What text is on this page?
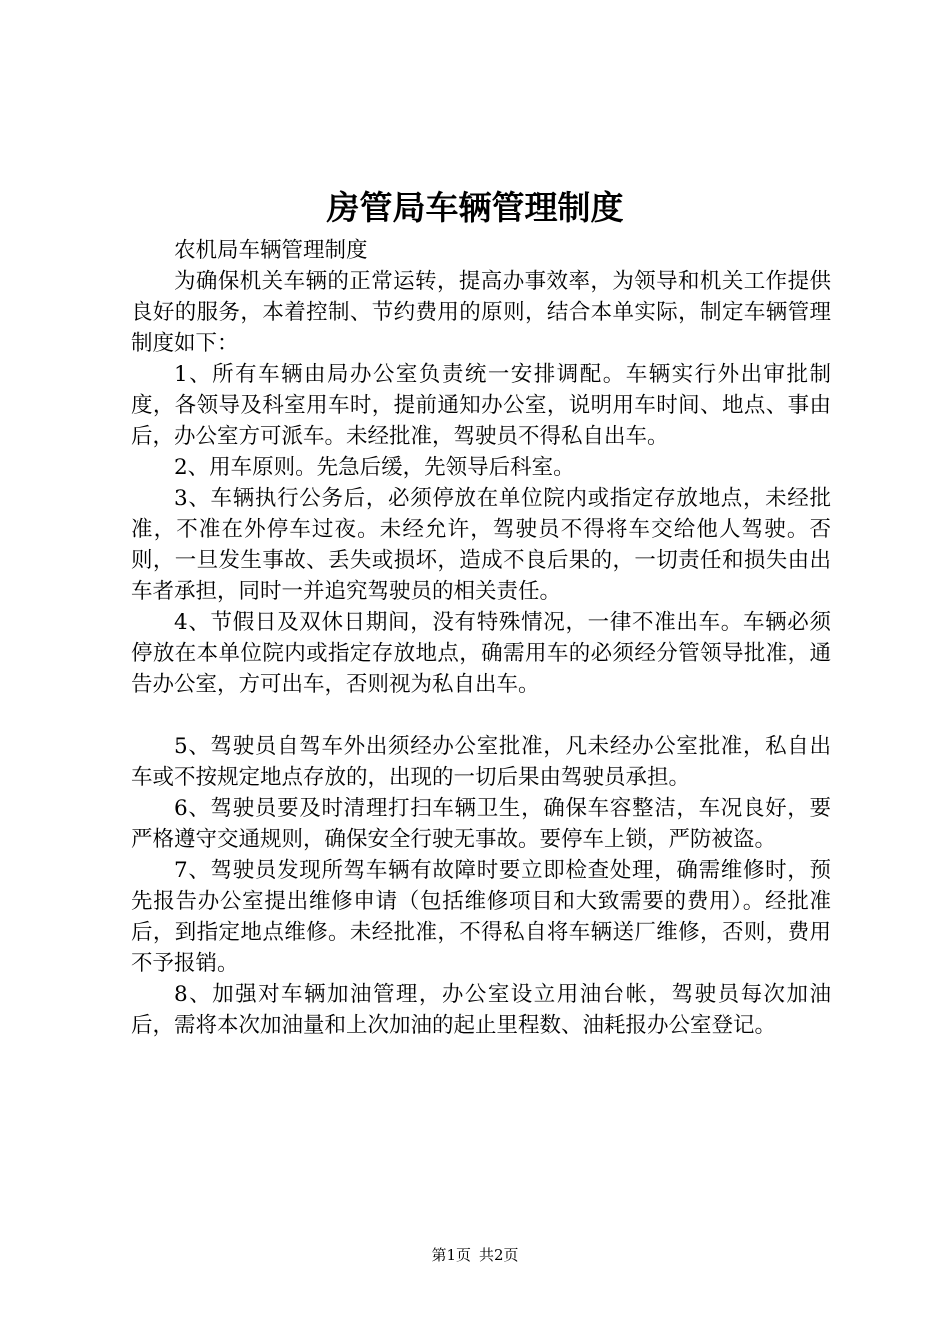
房管局车辆管理制度

农机局车辆管理制度

为确保机关车辆的正常运转，提高办事效率，为领导和机关工作提供良好的服务，本着控制、节约费用的原则，结合本单实际，制定车辆管理制度如下：

1、所有车辆由局办公室负责统一安排调配。车辆实行外出审批制度，各领导及科室用车时，提前通知办公室，说明用车时间、地点、事由后，办公室方可派车。未经批准，驾驶员不得私自出车。

2、用车原则。先急后缓，先领导后科室。

3、车辆执行公务后，必须停放在单位院内或指定存放地点，未经批准，不准在外停车过夜。未经允许，驾驶员不得将车交给他人驾驶。否则，一旦发生事故、丢失或损坏，造成不良后果的，一切责任和损失由出车者承担，同时一并追究驾驶员的相关责任。

4、节假日及双休日期间，没有特殊情况，一律不准出车。车辆必须停放在本单位院内或指定存放地点，确需用车的必须经分管领导批准，通告办公室，方可出车，否则视为私自出车。

5、驾驶员自驾车外出须经办公室批准，凡未经办公室批准，私自出车或不按规定地点存放的，出现的一切后果由驾驶员承担。

6、驾驶员要及时清理打扫车辆卫生，确保车容整洁，车况良好，要严格遵守交通规则，确保安全行驶无事故。要停车上锁，严防被盗。

7、驾驶员发现所驾车辆有故障时要立即检查处理，确需维修时，预先报告办公室提出维修申请（包括维修项目和大致需要的费用）。经批准后，到指定地点维修。未经批准，不得私自将车辆送厂维修，否则，费用不予报销。

8、加强对车辆加油管理，办公室设立用油台帐，驾驶员每次加油后，需将本次加油量和上次加油的起止里程数、油耗报办公室登记。

第1页 共2页
